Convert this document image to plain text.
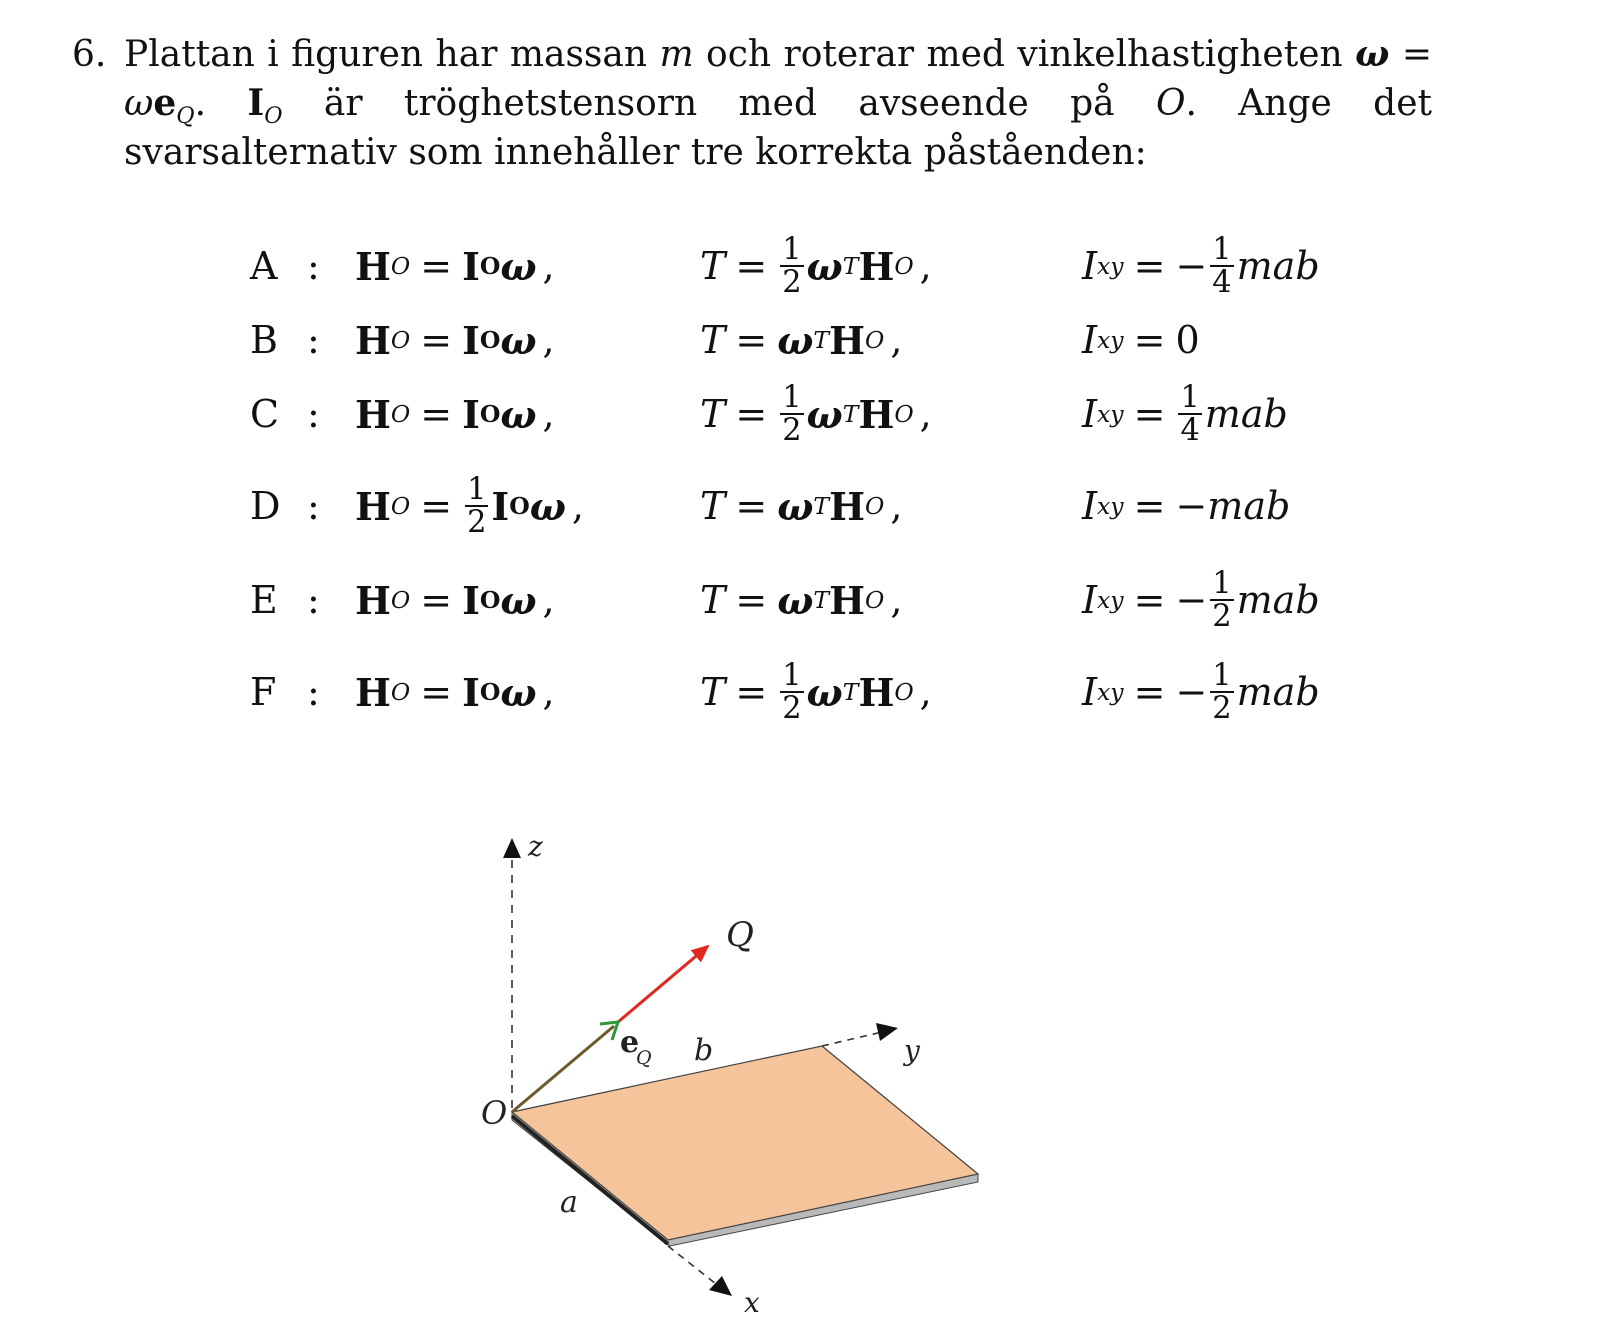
6. Plattan i figuren har massan m och roterar med vinkelhastigheten $\omega = \omega e_Q$. $I_O$ är tröghetstensorn med avseende på O. Ange det svarsalternativ som innehåller tre korrekta påståenden:
A : H O = I O ω ,	$T = \frac{1}{2}$ ω T H O ,	I xy = − $\frac{1}{4}$ mab
B : H O = I O ω ,	T = ω T H O ,	I xy = 0
C : H O = I O ω ,	$T = \frac{1}{2}$ ω T H O ,	I xy = $\frac{1}{4}$ mab
D : H $O = \frac{1}{2}$ I O ω ,	T = ω T H O ,	I xy = − mab
E : H O = I O ω ,	T = ω T H O ,	I xy = − $\frac{1}{2}$ mab
F : H O = I O ω ,	$T = \frac{1}{2}$ ω T H O ,	I xy = − $\frac{1}{2}$ mab
z
Q
e
Q b	y
O
a
x
